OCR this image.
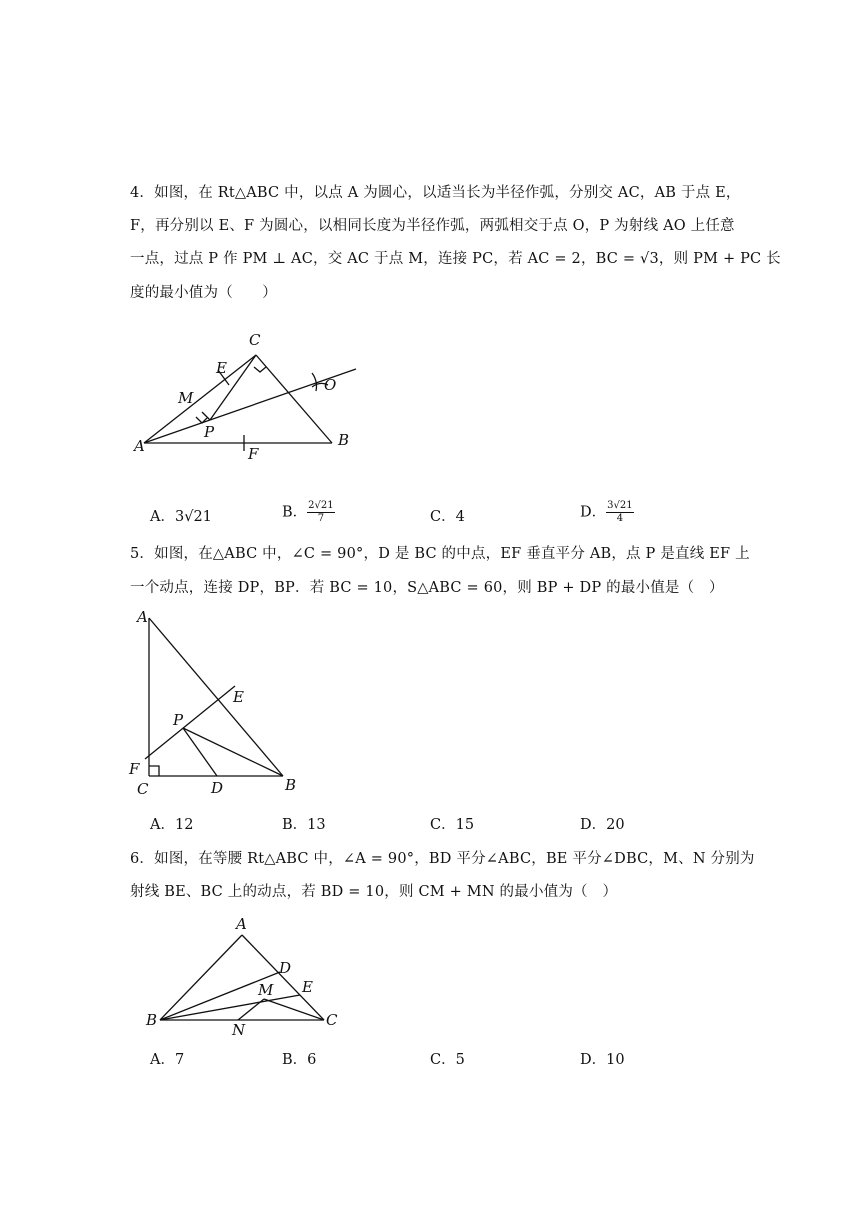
4．如图，在 Rt△ABC 中，以点 A 为圆心，以适当长为半径作弧，分别交 AC，AB 于点 E，
F，再分别以 E、F 为圆心，以相同长度为半径作弧，两弧相交于点 O，P 为射线 AO 上任意
一点，过点 P 作 PM ⊥ AC，交 AC 于点 M，连接 PC，若 AC = 2，BC = √3，则 PM + PC 长
度的最小值为（　　）
C
E
M
P
A	F
O
B
A．3√21	B． $\frac{2√21}{7}$	C．4	D． $\frac{3√21}{4}$
5．如图，在△ABC 中，∠C = 90°，D 是 BC 的中点，EF 垂直平分 AB，点 P 是直线 EF 上
一个动点，连接 DP，BP．若 BC = 10，S△ABC = 60，则 BP + DP 的最小值是（　）
A
E
P
F
C	D	B
A．12	B．13	C．15	D．20
6．如图，在等腰 Rt△ABC 中，∠A = 90°，BD 平分∠ABC，BE 平分∠DBC，M、N 分别为
射线 BE、BC 上的动点，若 BD = 10，则 CM + MN 的最小值为（　）
A
D
M E
B
N
C
A．7	B．6	C．5	D．10
